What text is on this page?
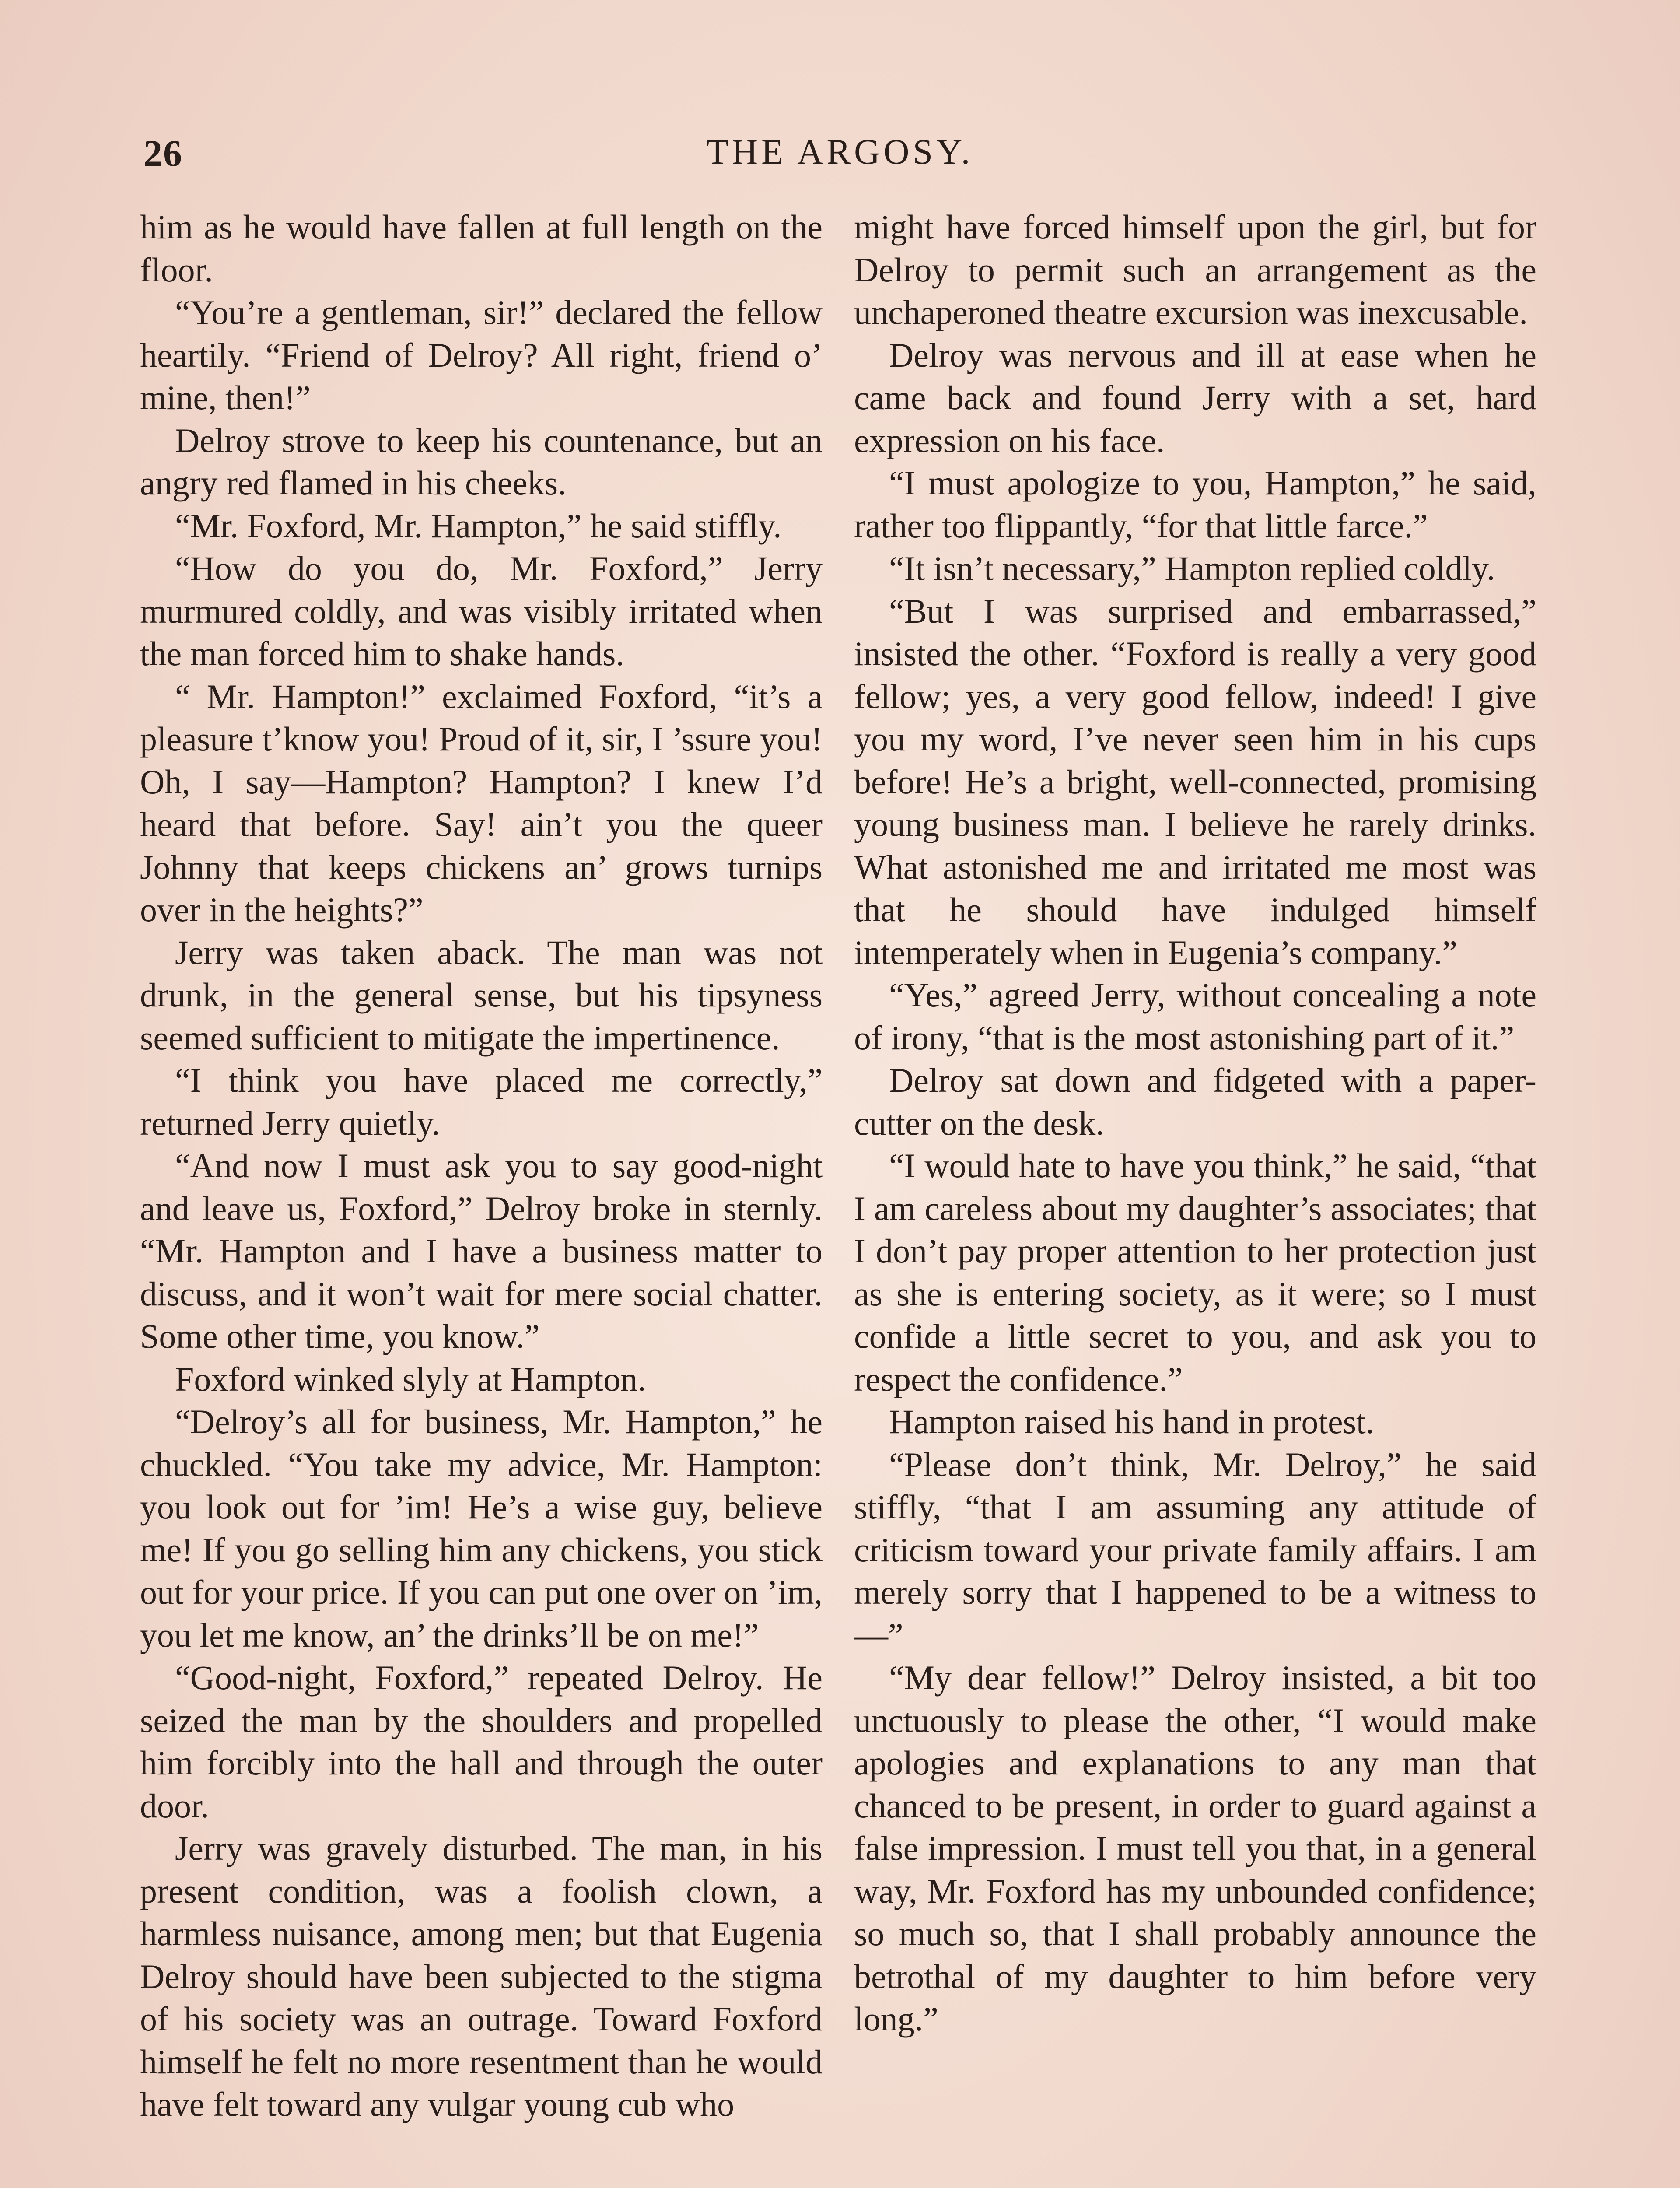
26	THE ARGOSY.

him as he would have fallen at full length on the floor.

“You’re a gentleman, sir!” declared the fellow heartily. “Friend of Delroy? All right, friend o’ mine, then!”

Delroy strove to keep his countenance, but an angry red flamed in his cheeks.

“Mr. Foxford, Mr. Hampton,” he said stiffly.

“How do you do, Mr. Foxford,” Jerry murmured coldly, and was visibly irritated when the man forced him to shake hands.

“ Mr. Hampton!” exclaimed Foxford, “it’s a pleasure t’know you! Proud of it, sir, I ’ssure you! Oh, I say—Hampton? Hampton? I knew I’d heard that before. Say! ain’t you the queer Johnny that keeps chickens an’ grows turnips over in the heights?”

Jerry was taken aback. The man was not drunk, in the general sense, but his tipsyness seemed sufficient to mitigate the impertinence.

“I think you have placed me correctly,” returned Jerry quietly.

“And now I must ask you to say good-night and leave us, Foxford,” Delroy broke in sternly. “Mr. Hampton and I have a business matter to discuss, and it won’t wait for mere social chatter. Some other time, you know.”

Foxford winked slyly at Hampton.

“Delroy’s all for business, Mr. Hampton,” he chuckled. “You take my advice, Mr. Hampton: you look out for ’im! He’s a wise guy, believe me! If you go selling him any chickens, you stick out for your price. If you can put one over on ’im, you let me know, an’ the drinks’ll be on me!”

“Good-night, Foxford,” repeated Delroy. He seized the man by the shoulders and propelled him forcibly into the hall and through the outer door.

Jerry was gravely disturbed. The man, in his present condition, was a foolish clown, a harmless nuisance, among men; but that Eugenia Delroy should have been subjected to the stigma of his society was an outrage. Toward Foxford himself he felt no more resentment than he would have felt toward any vulgar young cub who

might have forced himself upon the girl, but for Delroy to permit such an arrangement as the unchaperoned theatre excursion was inexcusable.

Delroy was nervous and ill at ease when he came back and found Jerry with a set, hard expression on his face.

“I must apologize to you, Hampton,” he said, rather too flippantly, “for that little farce.”

“It isn’t necessary,” Hampton replied coldly.

“But I was surprised and embarrassed,” insisted the other. “Foxford is really a very good fellow; yes, a very good fellow, indeed! I give you my word, I’ve never seen him in his cups before! He’s a bright, well-connected, promising young business man. I believe he rarely drinks. What astonished me and irritated me most was that he should have indulged himself intemperately when in Eugenia’s company.”

“Yes,” agreed Jerry, without concealing a note of irony, “that is the most astonishing part of it.”

Delroy sat down and fidgeted with a paper-cutter on the desk.

“I would hate to have you think,” he said, “that I am careless about my daughter’s associates; that I don’t pay proper attention to her protection just as she is entering society, as it were; so I must confide a little secret to you, and ask you to respect the confidence.”

Hampton raised his hand in protest.

“Please don’t think, Mr. Delroy,” he said stiffly, “that I am assuming any attitude of criticism toward your private family affairs. I am merely sorry that I happened to be a witness to—”

“My dear fellow!” Delroy insisted, a bit too unctuously to please the other, “I would make apologies and explanations to any man that chanced to be present, in order to guard against a false impression. I must tell you that, in a general way, Mr. Foxford has my unbounded confidence; so much so, that I shall probably announce the betrothal of my daughter to him before very long.”
